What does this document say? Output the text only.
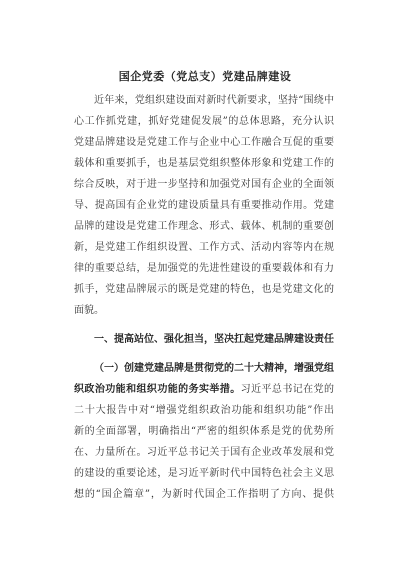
国企党委（党总支）党建品牌建设
近年来，党组织建设面对新时代新要求，坚持“围绕中
心工作抓党建，抓好党建促发展”的总体思路，充分认识
党建品牌建设是党建工作与企业中心工作融合互促的重要
载体和重要抓手，也是基层党组织整体形象和党建工作的
综合反映，对于进一步坚持和加强党对国有企业的全面领
导、提高国有企业党的建设质量具有重要推动作用。党建
品牌的建设是党建工作理念、形式、载体、机制的重要创
新，是党建工作组织设置、工作方式、活动内容等内在规
律的重要总结，是加强党的先进性建设的重要载体和有力
抓手，党建品牌展示的既是党建的特色，也是党建文化的
面貌。
一、提高站位、强化担当，坚决扛起党建品牌建设责任
（一）创建党建品牌是贯彻党的二十大精神，增强党组
织政治功能和组织功能的务实举措。习近平总书记在党的
二十大报告中对“增强党组织政治功能和组织功能”作出
新的全面部署，明确指出“严密的组织体系是党的优势所
在、力量所在。习近平总书记关于国有企业改革发展和党
的建设的重要论述，是习近平新时代中国特色社会主义思
想的“国企篇章”，为新时代国企工作指明了方向、提供
